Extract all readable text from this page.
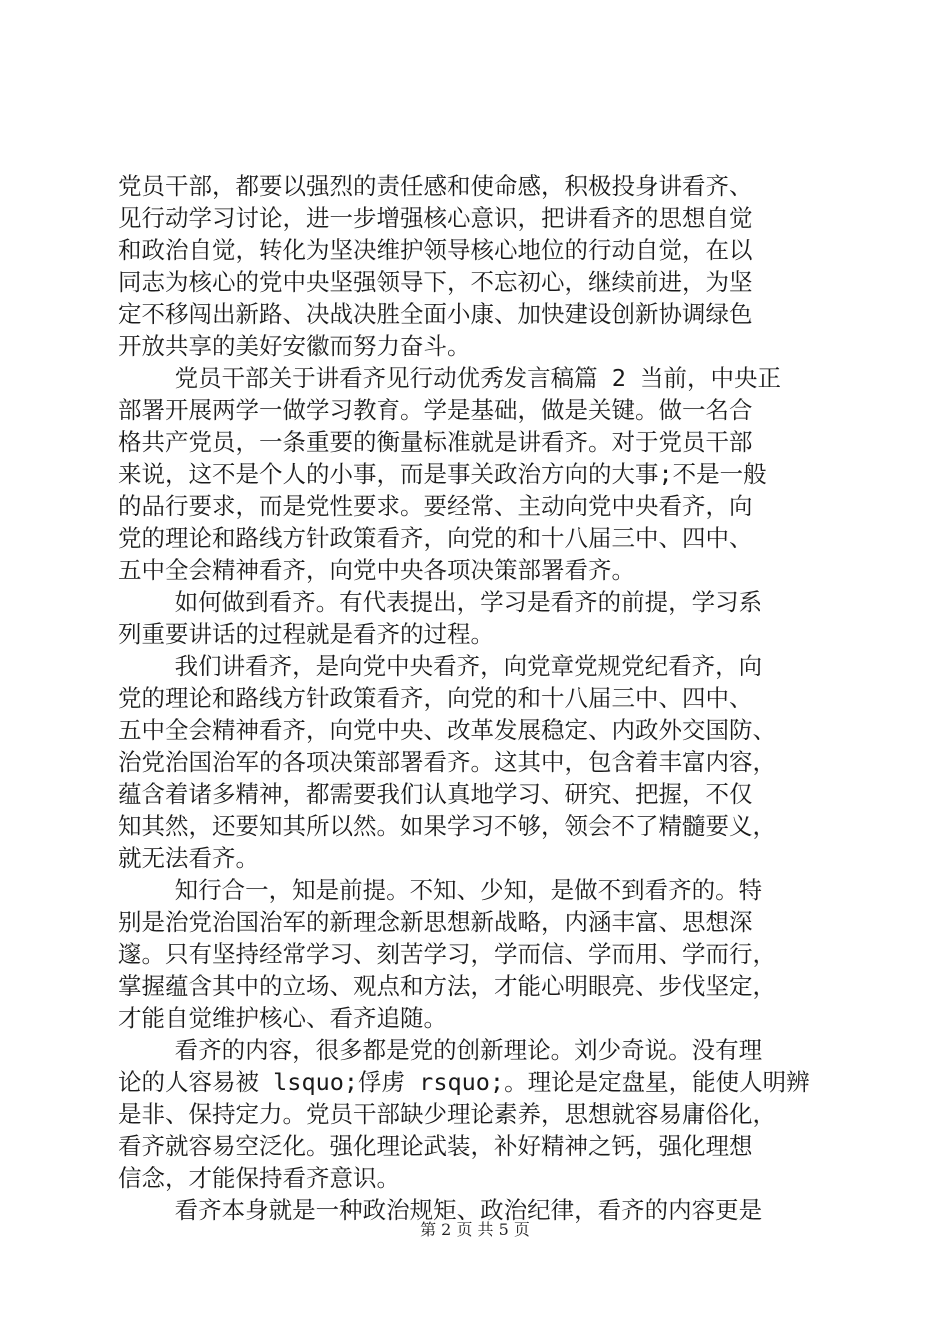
党员干部，都要以强烈的责任感和使命感，积极投身讲看齐、
见行动学习讨论，进一步增强核心意识，把讲看齐的思想自觉
和政治自觉，转化为坚决维护领导核心地位的行动自觉，在以
同志为核心的党中央坚强领导下，不忘初心，继续前进，为坚
定不移闯出新路、决战决胜全面小康、加快建设创新协调绿色
开放共享的美好安徽而努力奋斗。
党员干部关于讲看齐见行动优秀发言稿篇 2 当前，中央正
部署开展两学一做学习教育。学是基础，做是关键。做一名合
格共产党员，一条重要的衡量标准就是讲看齐。对于党员干部
来说，这不是个人的小事，而是事关政治方向的大事;不是一般
的品行要求，而是党性要求。要经常、主动向党中央看齐，向
党的理论和路线方针政策看齐，向党的和十八届三中、四中、
五中全会精神看齐，向党中央各项决策部署看齐。
如何做到看齐。有代表提出，学习是看齐的前提，学习系
列重要讲话的过程就是看齐的过程。
我们讲看齐，是向党中央看齐，向党章党规党纪看齐，向
党的理论和路线方针政策看齐，向党的和十八届三中、四中、
五中全会精神看齐，向党中央、改革发展稳定、内政外交国防、
治党治国治军的各项决策部署看齐。这其中，包含着丰富内容，
蕴含着诸多精神，都需要我们认真地学习、研究、把握，不仅
知其然，还要知其所以然。如果学习不够，领会不了精髓要义，
就无法看齐。
知行合一，知是前提。不知、少知，是做不到看齐的。特
别是治党治国治军的新理念新思想新战略，内涵丰富、思想深
邃。只有坚持经常学习、刻苦学习，学而信、学而用、学而行，
掌握蕴含其中的立场、观点和方法，才能心明眼亮、步伐坚定，
才能自觉维护核心、看齐追随。
看齐的内容，很多都是党的创新理论。刘少奇说。没有理
论的人容易被 lsquo;俘虏 rsquo;。理论是定盘星，能使人明辨
是非、保持定力。党员干部缺少理论素养，思想就容易庸俗化，
看齐就容易空泛化。强化理论武装，补好精神之钙，强化理想
信念，才能保持看齐意识。
看齐本身就是一种政治规矩、政治纪律，看齐的内容更是
第 2 页 共 5 页
